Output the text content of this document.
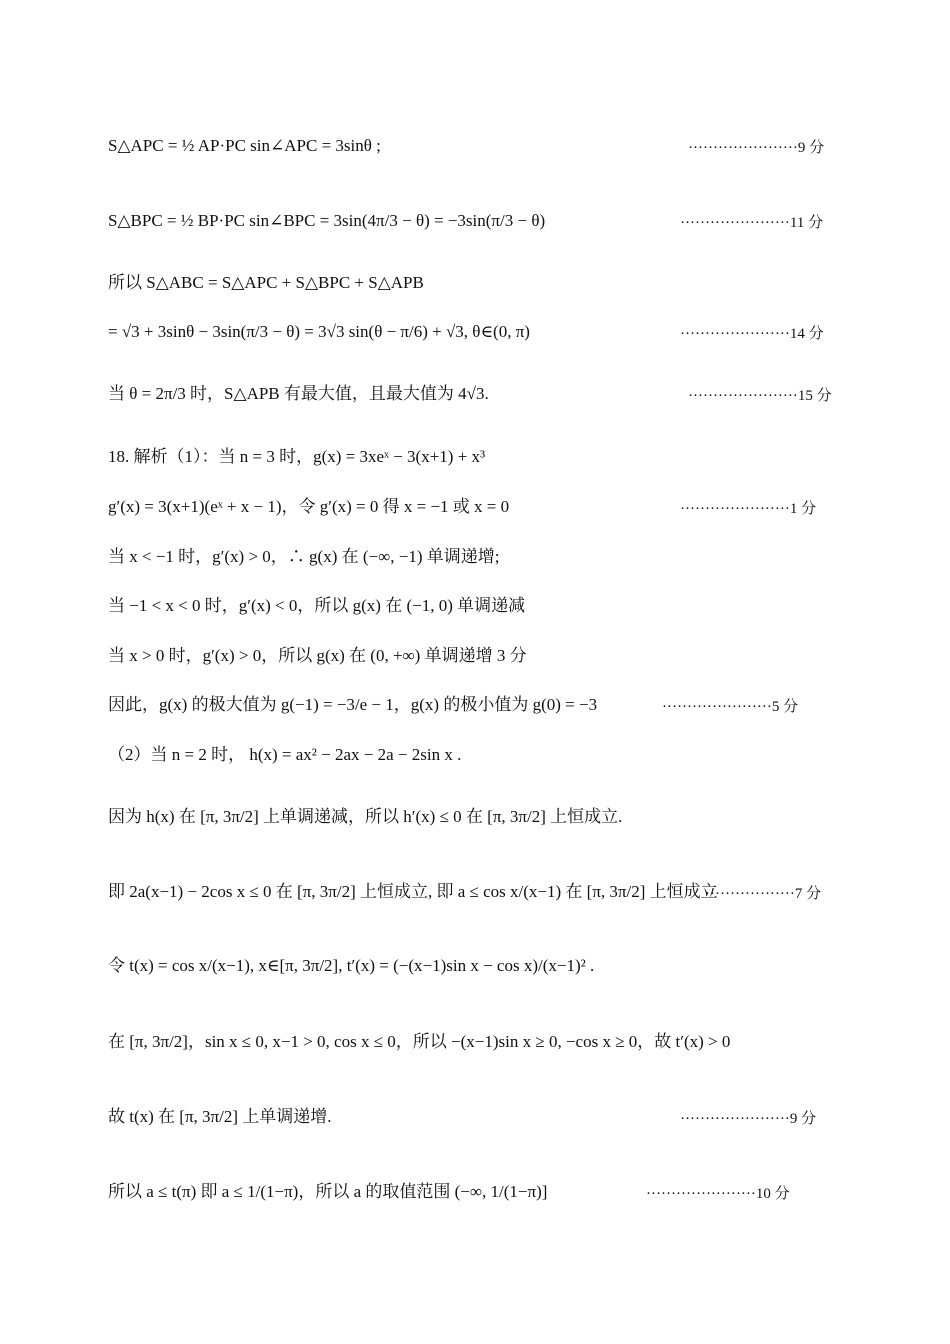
S△APC = ½ AP·PC sin∠APC = 3sinθ ;	······················9 分
S△BPC = ½ BP·PC sin∠BPC = 3sin(4π/3 − θ) = −3sin(π/3 − θ)	······················11 分
所以 S△ABC = S△APC + S△BPC + S△APB
= √3 + 3sinθ − 3sin(π/3 − θ) = 3√3 sin(θ − π/6) + √3, θ∈(0, π)	······················14 分
当 θ = 2π/3 时，S△APB 有最大值，且最大值为 4√3.	······················15 分
18. 解析（1）：当 n = 3 时，g(x) = 3xeˣ − 3(x+1) + x³
g′(x) = 3(x+1)(eˣ + x − 1)，令 g′(x) = 0 得 x = −1 或 x = 0	······················1 分
当 x < −1 时，g′(x) > 0，∴ g(x) 在 (−∞, −1) 单调递增;
当 −1 < x < 0 时，g′(x) < 0，所以 g(x) 在 (−1, 0) 单调递减
当 x > 0 时，g′(x) > 0，所以 g(x) 在 (0, +∞) 单调递增 3 分
因此，g(x) 的极大值为 g(−1) = −3/e − 1，g(x) 的极小值为 g(0) = −3	······················5 分
（2）当 n = 2 时， h(x) = ax² − 2ax − 2a − 2sin x .
因为 h(x) 在 [π, 3π/2] 上单调递减，所以 h′(x) ≤ 0 在 [π, 3π/2] 上恒成立.
即 2a(x−1) − 2cos x ≤ 0 在 [π, 3π/2] 上恒成立, 即 a ≤ cos x/(x−1) 在 [π, 3π/2] 上恒成立
··················7 分
令 t(x) = cos x/(x−1), x∈[π, 3π/2], t′(x) = (−(x−1)sin x − cos x)/(x−1)² .
在 [π, 3π/2]，sin x ≤ 0, x−1 > 0, cos x ≤ 0，所以 −(x−1)sin x ≥ 0, −cos x ≥ 0，故 t′(x) > 0
故 t(x) 在 [π, 3π/2] 上单调递增.	······················9 分
所以 a ≤ t(π) 即 a ≤ 1/(1−π)，所以 a 的取值范围 (−∞, 1/(1−π)]	······················10 分
